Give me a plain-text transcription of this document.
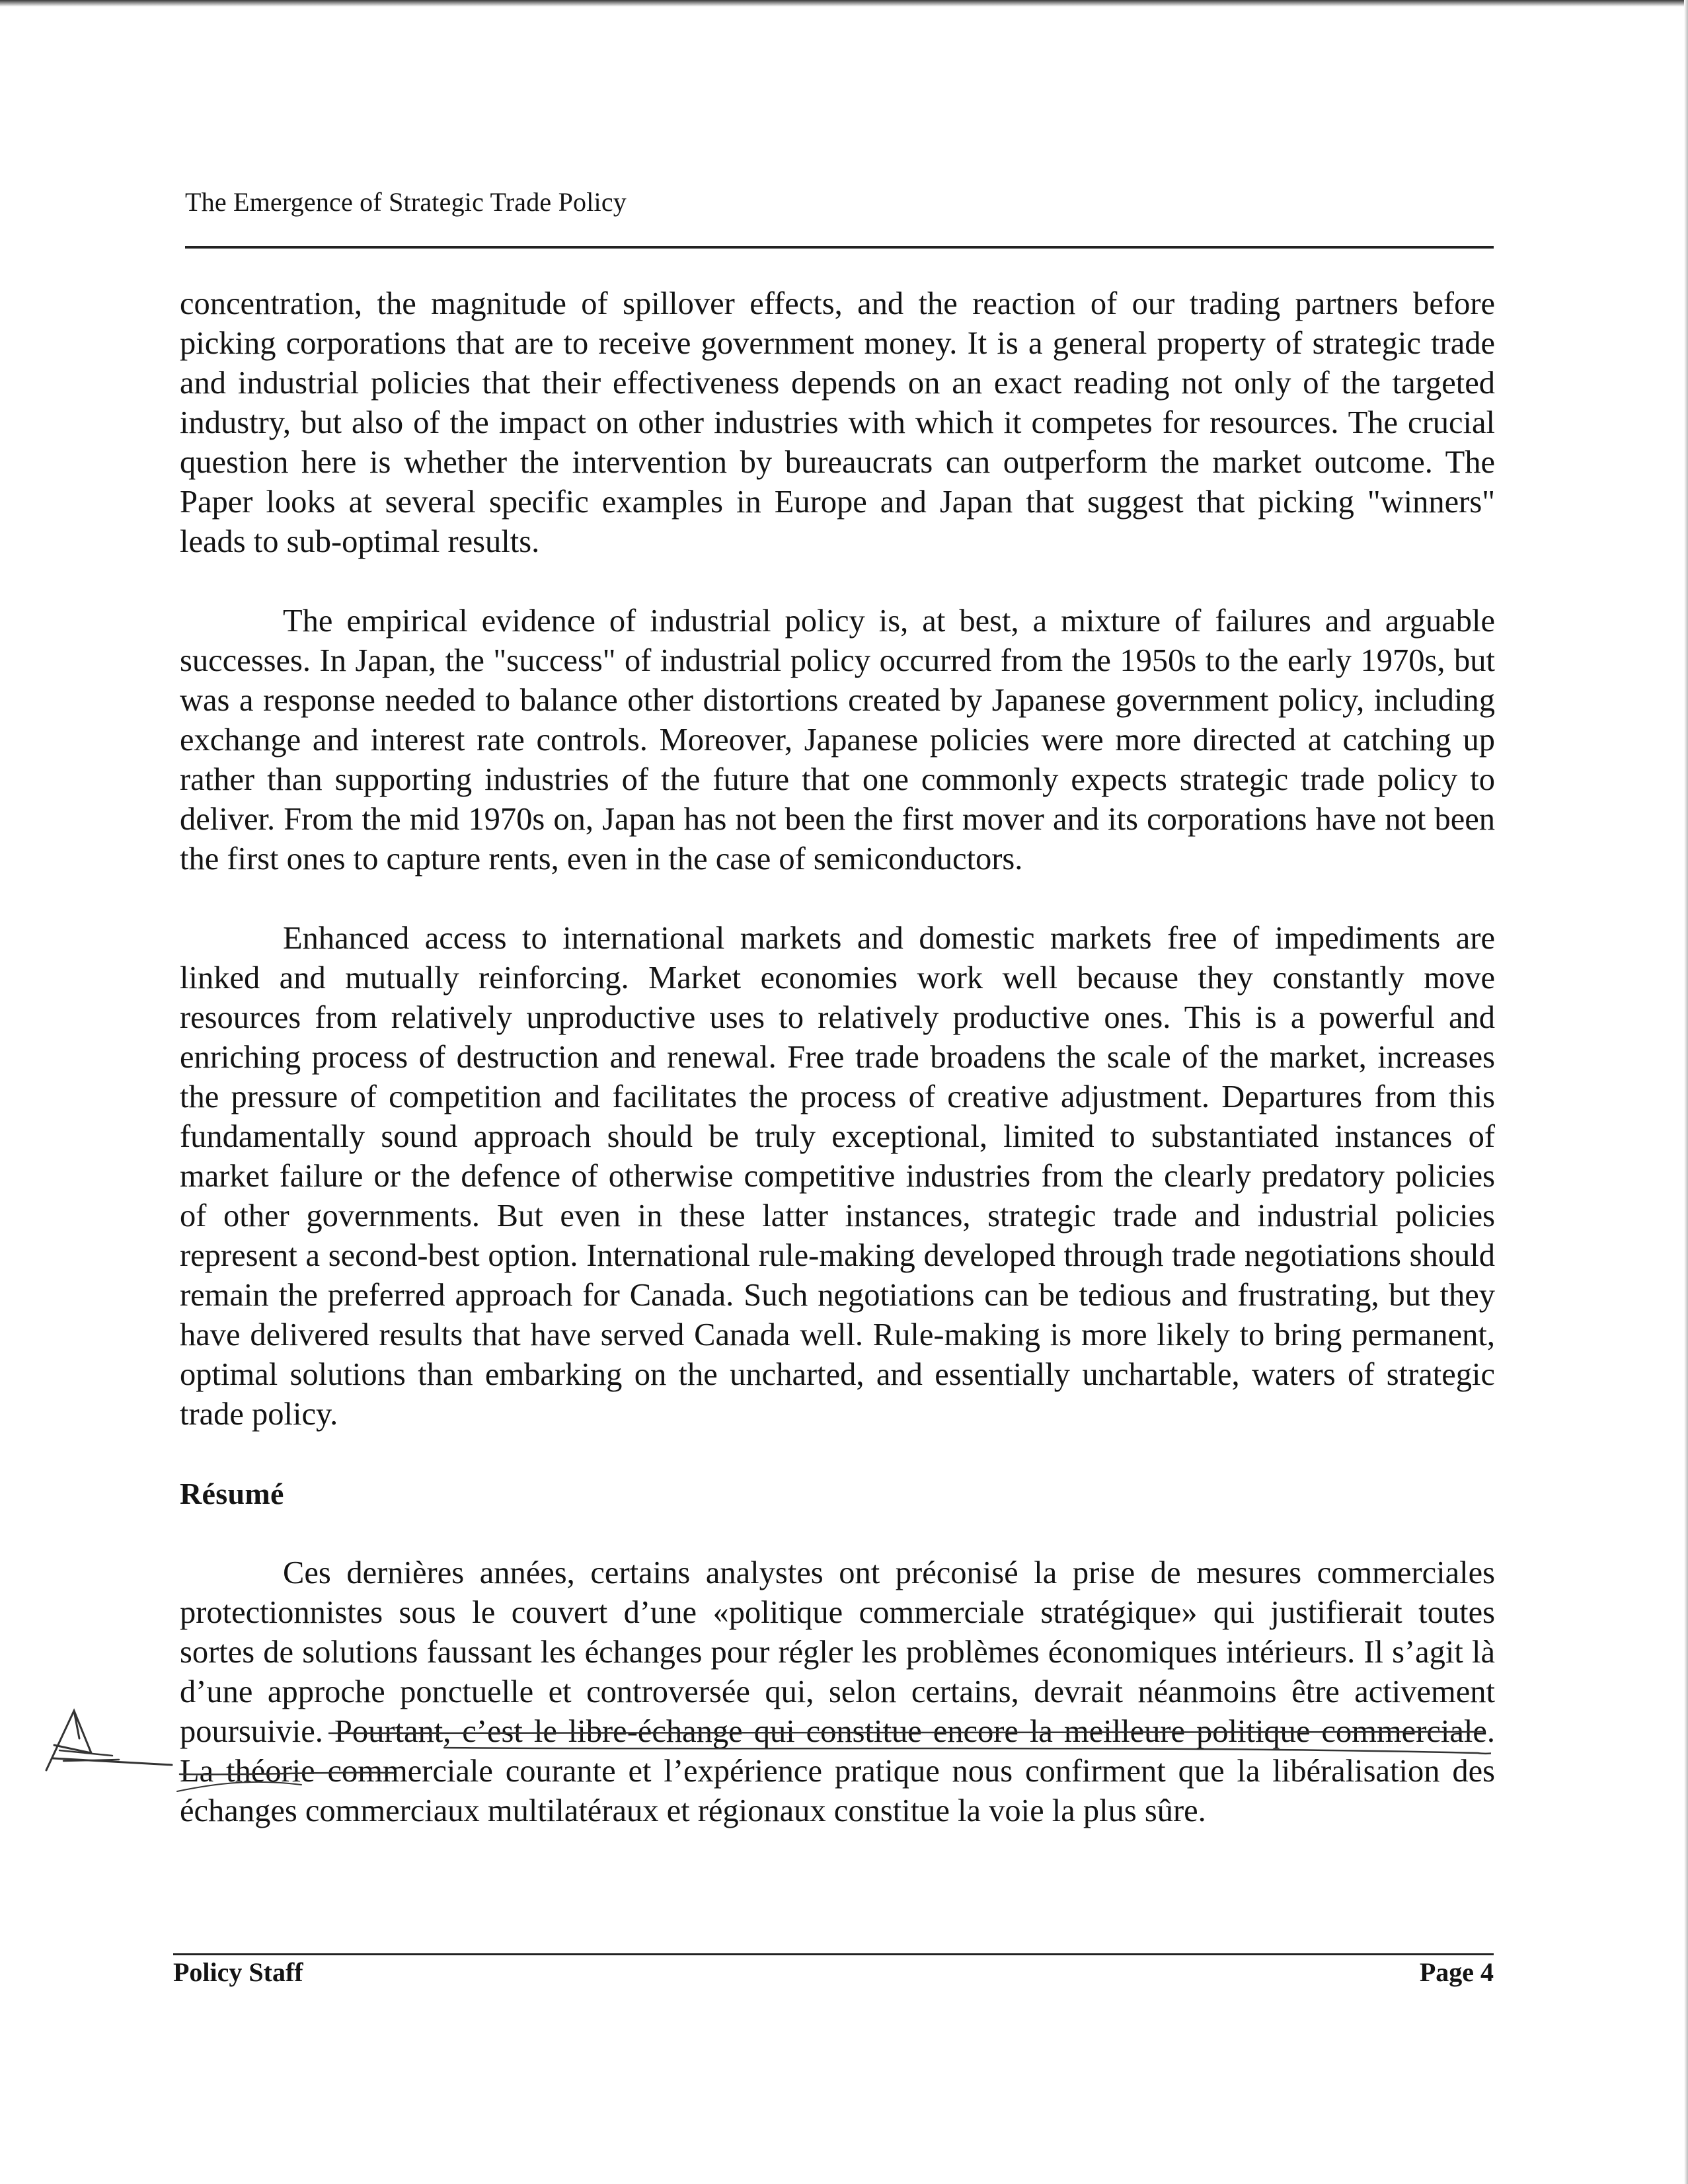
The Emergence of Strategic Trade Policy

concentration, the magnitude of spillover effects, and the reaction of our trading partners before picking corporations that are to receive government money. It is a general property of strategic trade and industrial policies that their effectiveness depends on an exact reading not only of the targeted industry, but also of the impact on other industries with which it competes for resources. The crucial question here is whether the intervention by bureaucrats can outperform the market outcome. The Paper looks at several specific examples in Europe and Japan that suggest that picking "winners" leads to sub-optimal results.

The empirical evidence of industrial policy is, at best, a mixture of failures and arguable successes. In Japan, the "success" of industrial policy occurred from the 1950s to the early 1970s, but was a response needed to balance other distortions created by Japanese government policy, including exchange and interest rate controls. Moreover, Japanese policies were more directed at catching up rather than supporting industries of the future that one commonly expects strategic trade policy to deliver. From the mid 1970s on, Japan has not been the first mover and its corporations have not been the first ones to capture rents, even in the case of semiconductors.

Enhanced access to international markets and domestic markets free of impediments are linked and mutually reinforcing. Market economies work well because they constantly move resources from relatively unproductive uses to relatively productive ones. This is a powerful and enriching process of destruction and renewal. Free trade broadens the scale of the market, increases the pressure of competition and facilitates the process of creative adjustment. Departures from this fundamentally sound approach should be truly exceptional, limited to substantiated instances of market failure or the defence of otherwise competitive industries from the clearly predatory policies of other governments. But even in these latter instances, strategic trade and industrial policies represent a second-best option. International rule-making developed through trade negotiations should remain the preferred approach for Canada. Such negotiations can be tedious and frustrating, but they have delivered results that have served Canada well. Rule-making is more likely to bring permanent, optimal solutions than embarking on the uncharted, and essentially unchartable, waters of strategic trade policy.

Résumé

Ces dernières années, certains analystes ont préconisé la prise de mesures commerciales protectionnistes sous le couvert d’une «politique commerciale stratégique» qui justifierait toutes sortes de solutions faussant les échanges pour régler les problèmes économiques intérieurs. Il s’agit là d’une approche ponctuelle et controversée qui, selon certains, devrait néanmoins être activement poursuivie. Pourtant, c’est le libre-échange qui constitue encore la meilleure politique commerciale. La théorie commerciale courante et l’expérience pratique nous confirment que la libéralisation des échanges commerciaux multilatéraux et régionaux constitue la voie la plus sûre.

Policy Staff	Page 4
